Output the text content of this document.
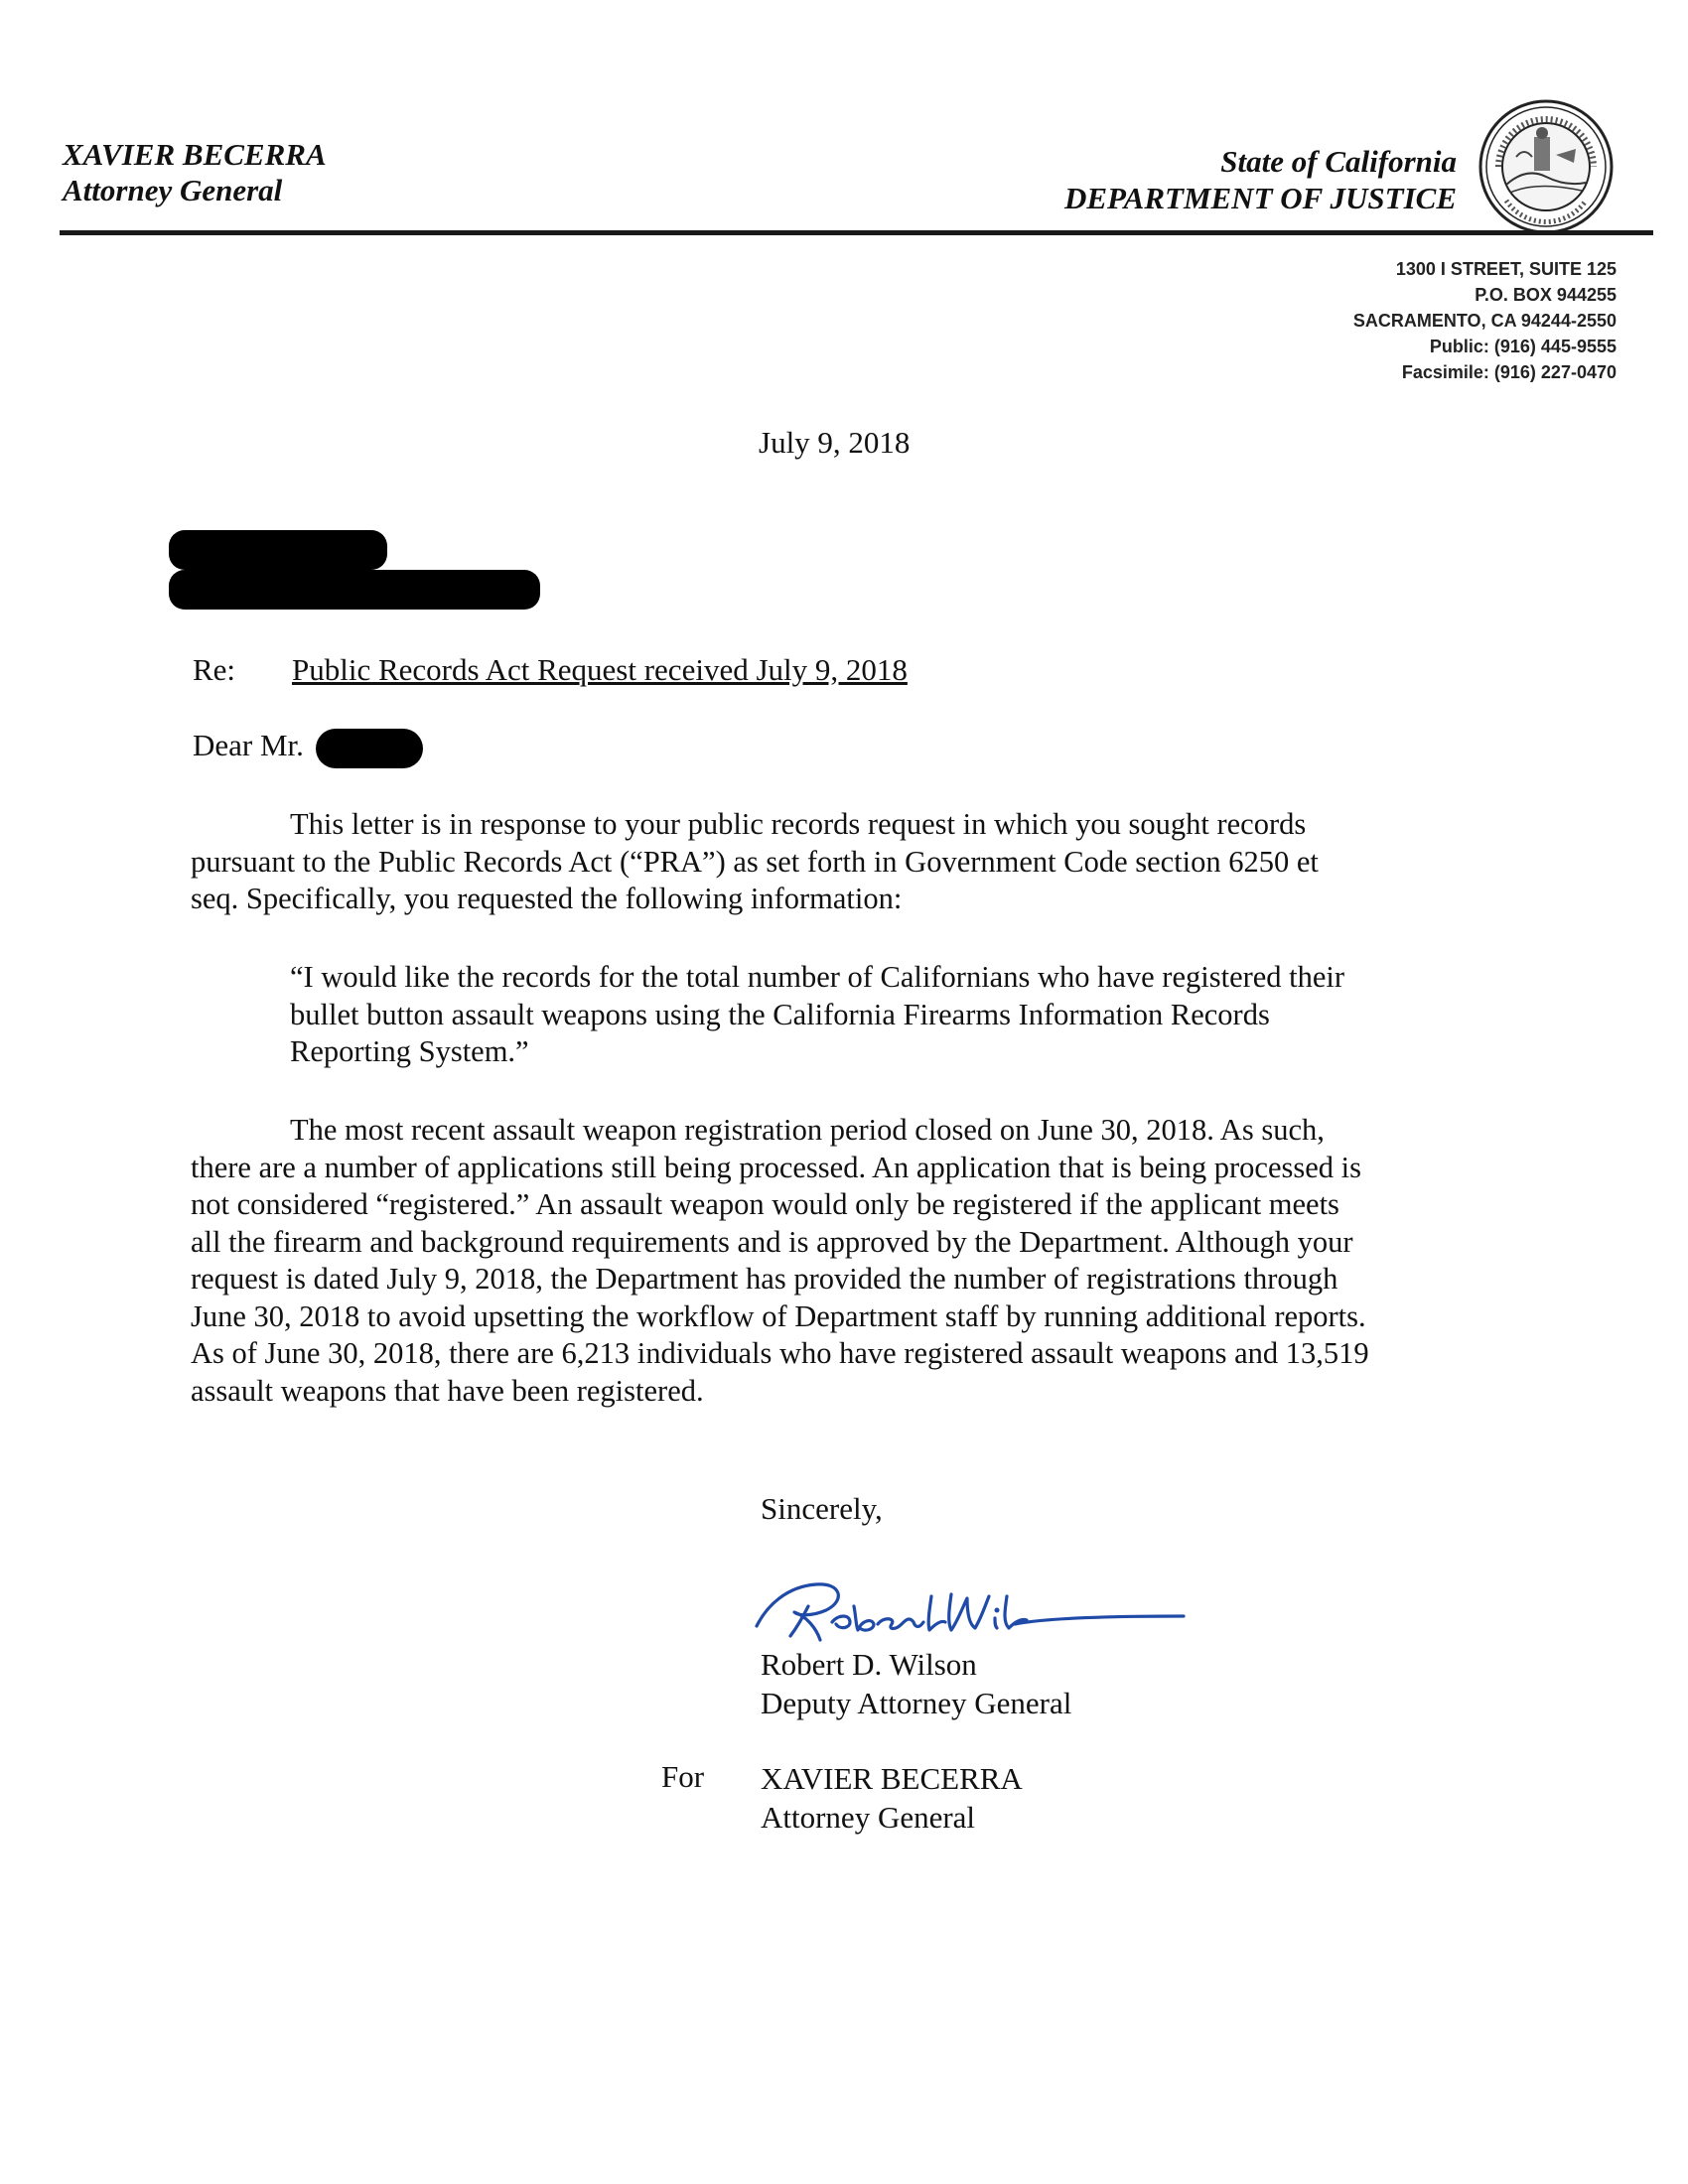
XAVIER BECERRA
Attorney General
State of California
DEPARTMENT OF JUSTICE
1300 I STREET, SUITE 125
P.O. BOX 944255
SACRAMENTO, CA 94244-2550
Public: (916) 445-9555
Facsimile: (916) 227-0470
July 9, 2018
Re: Public Records Act Request received July 9, 2018
Dear Mr.
This letter is in response to your public records request in which you sought records
pursuant to the Public Records Act (“PRA”) as set forth in Government Code section 6250 et
seq. Specifically, you requested the following information:
“I would like the records for the total number of Californians who have registered their
bullet button assault weapons using the California Firearms Information Records
Reporting System.”
The most recent assault weapon registration period closed on June 30, 2018. As such,
there are a number of applications still being processed. An application that is being processed is
not considered “registered.” An assault weapon would only be registered if the applicant meets
all the firearm and background requirements and is approved by the Department. Although your
request is dated July 9, 2018, the Department has provided the number of registrations through
June 30, 2018 to avoid upsetting the workflow of Department staff by running additional reports.
As of June 30, 2018, there are 6,213 individuals who have registered assault weapons and 13,519
assault weapons that have been registered.
Sincerely,
Robert D. Wilson
Deputy Attorney General
For XAVIER BECERRA
Attorney General
